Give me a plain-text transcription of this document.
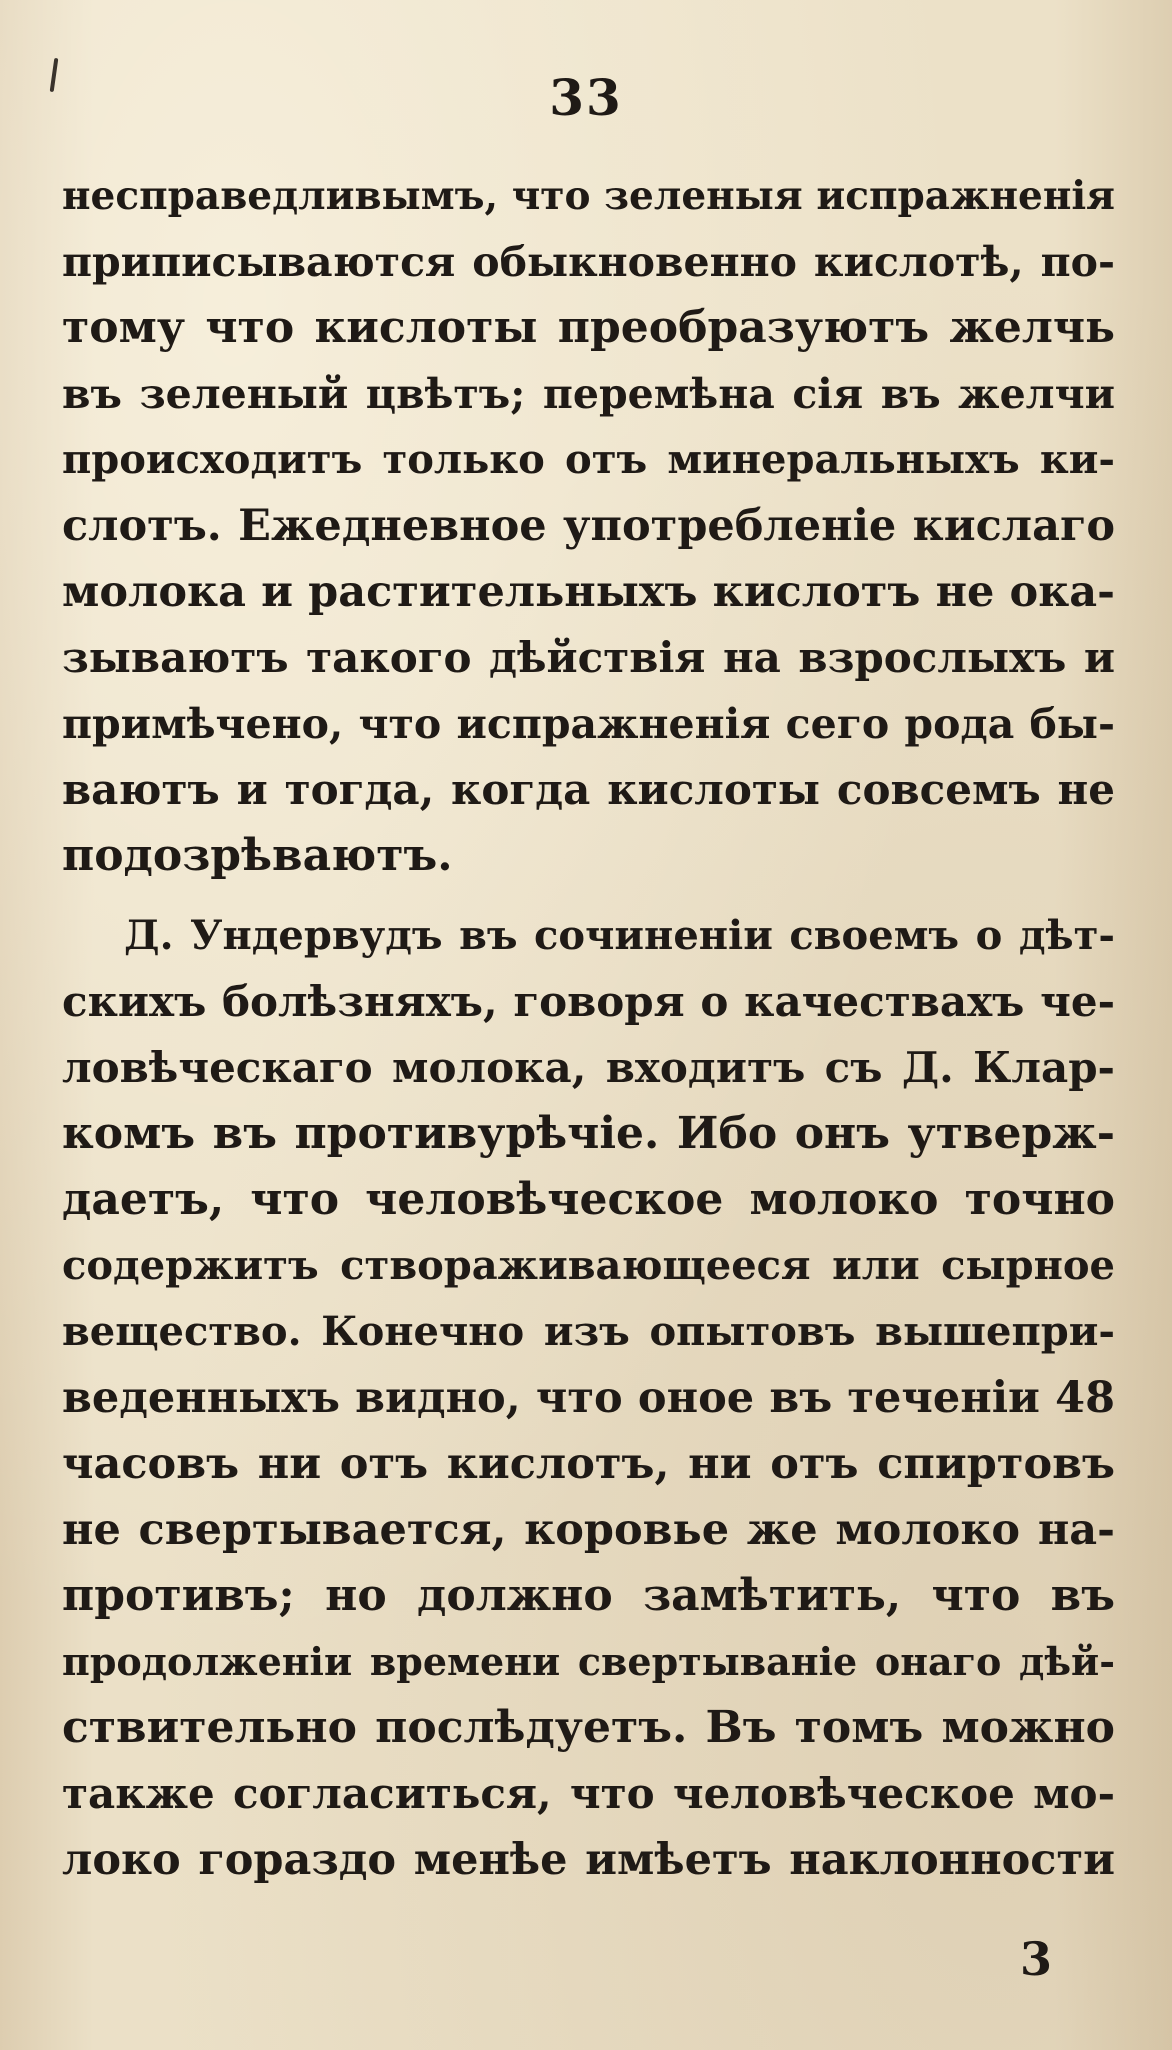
33
несправедливымъ, что зеленыя испражненія
приписываются обыкновенно кислотѣ, по-
тому что кислоты преобразуютъ желчь
въ зеленый цвѣтъ; перемѣна сія въ желчи
происходитъ только отъ минеральныхъ ки-
слотъ. Ежедневное употребленіе кислаго
молока и растительныхъ кислотъ не ока-
зываютъ такого дѣйствія на взрослыхъ и
примѣчено, что испражненія сего рода бы-
ваютъ и тогда, когда кислоты совсемъ не
подозрѣваютъ.
Д. Ундервудъ въ сочиненіи своемъ о дѣт-
скихъ болѣзняхъ, говоря о качествахъ че-
ловѣческаго молока, входитъ съ Д. Клар-
комъ въ противурѣчіе. Ибо онъ утверж-
даетъ, что человѣческое молоко точно
содержитъ створаживающееся или сырное
вещество. Конечно изъ опытовъ вышепри-
веденныхъ видно, что оное въ теченіи 48
часовъ ни отъ кислотъ, ни отъ спиртовъ
не свертывается, коровье же молоко на-
противъ; но должно замѣтить, что въ
продолженіи времени свертываніе онаго дѣй-
ствительно послѣдуетъ. Въ томъ можно
также согласиться, что человѣческое мо-
локо гораздо менѣе имѣетъ наклонности
3
